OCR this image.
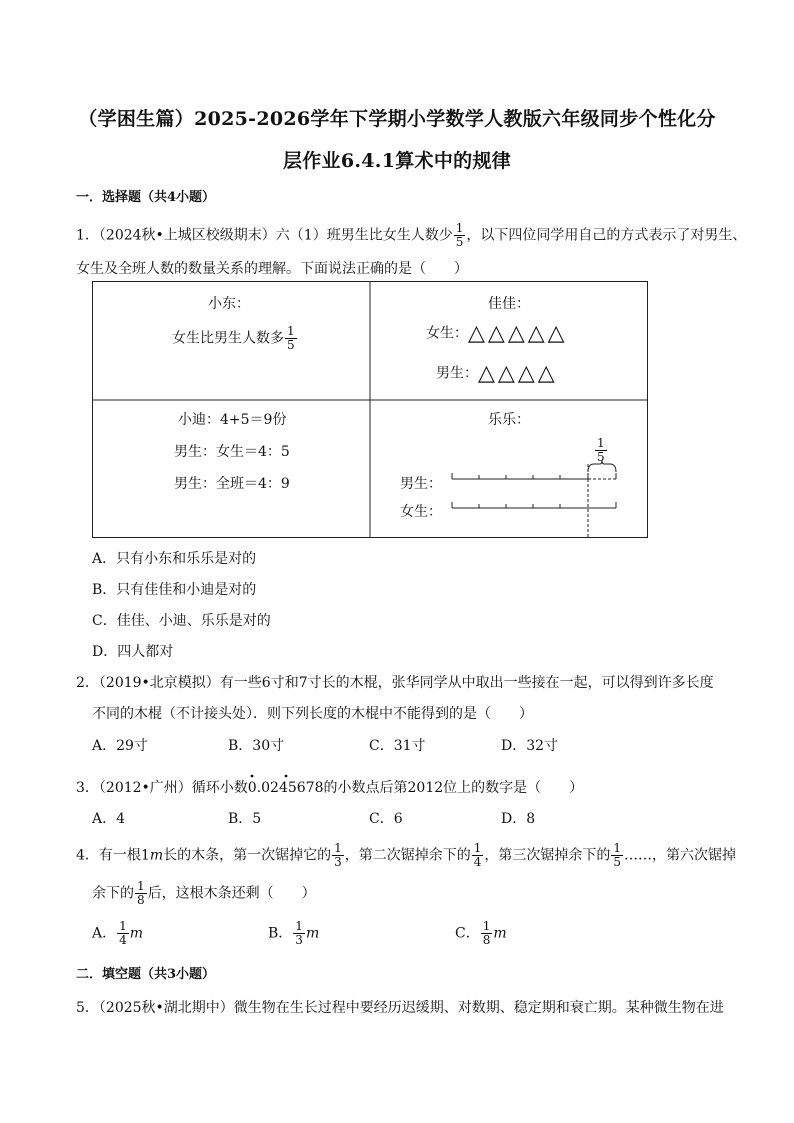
（学困生篇）2025-2026学年下学期小学数学人教版六年级同步个性化分
层作业6.4.1算术中的规律
一．选择题（共4小题）
1．（2024秋•上城区校级期末）六（1）班男生比女生人数少 $\frac{1}{5}$ ，以下四位同学用自己的方式表示了对男生、
女生及全班人数的数量关系的理解。下面说法正确的是（　　）
小东：
女生比男生人数多 $\frac{1}{5}$
佳佳：
女生：△△△△△
男生：△△△△
小迪：4+5＝9份
男生：女生＝4：5
男生：全班＝4：9
乐乐：
$\frac{1}{5}$
男生：
女生：
A．只有小东和乐乐是对的
B．只有佳佳和小迪是对的
C．佳佳、小迪、乐乐是对的
D．四人都对
2．（2019•北京模拟）有一些6寸和7寸长的木棍，张华同学从中取出一些接在一起，可以得到许多长度
不同的木棍（不计接头处）．则下列长度的木棍中不能得到的是（　　）
A．29寸	B．30寸	C．31寸	D．32寸
3．（2012•广州）循环小数0.0245678的小数点后第2012位上的数字是（　　）
A．4	B．5	C．6	D．8
4．有一根1m长的木条，第一次锯掉它的 $\frac{1}{3}$ ，第二次锯掉余下的 $\frac{1}{4}$ ，第三次锯掉余下的 $\frac{1}{5}$ ……，第六次锯掉
余下的 $\frac{1}{8}$ 后，这根木条还剩（　　）
A． $\frac{1}{4}$ m	B． $\frac{1}{3}$ m	C． $\frac{1}{8}$ m
二．填空题（共3小题）
5．（2025秋•湖北期中）微生物在生长过程中要经历迟缓期、对数期、稳定期和衰亡期。某种微生物在进
